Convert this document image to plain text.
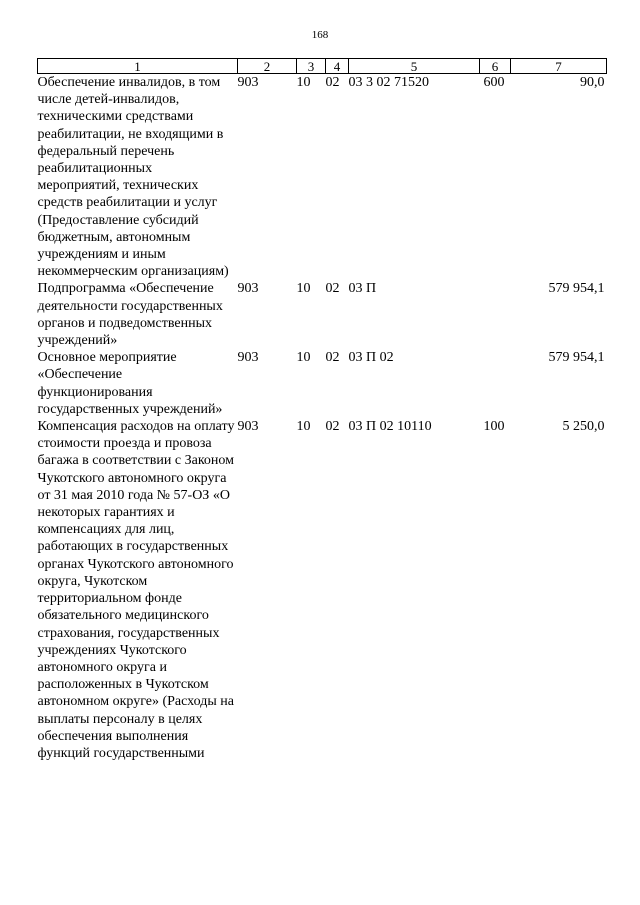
168
1	2	3	4	5	6	7
Обеспечение инвалидов, в том числе детей-инвалидов, техническими средствами реабилитации, не входящими в федеральный перечень реабилитационных мероприятий, технических средств реабилитации и услуг (Предоставление субсидий бюджетным, автономным учреждениям и иным некоммерческим организациям)	903	10	02	03 3 02 71520	600	90,0
Подпрограмма «Обеспечение деятельности государственных органов и подведомственных учреждений»	903	10	02	03 П		579 954,1
Основное мероприятие «Обеспечение функционирования государственных учреждений»	903	10	02	03 П 02		579 954,1
Компенсация расходов на оплату стоимости проезда и провоза багажа в соответствии с Законом Чукотского автономного округа от 31 мая 2010 года № 57-ОЗ «О некоторых гарантиях и компенсациях для лиц, работающих в государственных органах Чукотского автономного округа, Чукотском территориальном фонде обязательного медицинского страхования, государственных учреждениях Чукотского автономного округа и расположенных в Чукотском автономном округе» (Расходы на выплаты персоналу в целях обеспечения выполнения функций государственными	903	10	02	03 П 02 10110	100	5 250,0
